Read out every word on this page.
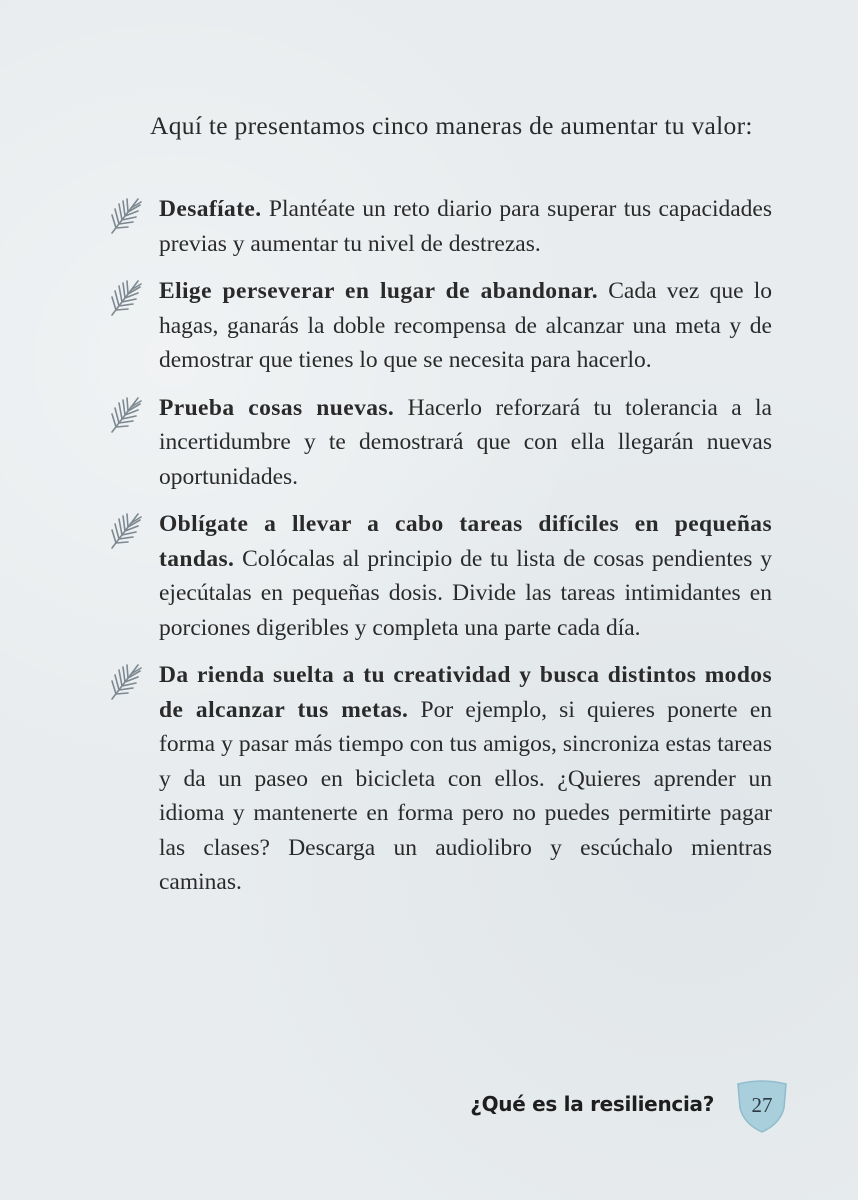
Aquí te presentamos cinco maneras de aumentar tu valor:

Desafíate. Plantéate un reto diario para superar tus capacidades previas y aumentar tu nivel de destrezas.

Elige perseverar en lugar de abandonar. Cada vez que lo hagas, ganarás la doble recompensa de alcanzar una meta y de demostrar que tienes lo que se necesita para hacerlo.

Prueba cosas nuevas. Hacerlo reforzará tu tolerancia a la incertidumbre y te demostrará que con ella llegarán nuevas oportunidades.

Oblígate a llevar a cabo tareas difíciles en pequeñas tandas. Colócalas al principio de tu lista de cosas pendientes y ejecútalas en pequeñas dosis. Divide las tareas intimidantes en porciones digeribles y completa una parte cada día.

Da rienda suelta a tu creatividad y busca distintos modos de alcanzar tus metas. Por ejemplo, si quieres ponerte en forma y pasar más tiempo con tus amigos, sincroniza estas tareas y da un paseo en bicicleta con ellos. ¿Quieres aprender un idioma y mantenerte en forma pero no puedes permitirte pagar las clases? Descarga un audiolibro y escúchalo mientras caminas.

¿Qué es la resiliencia?	27
